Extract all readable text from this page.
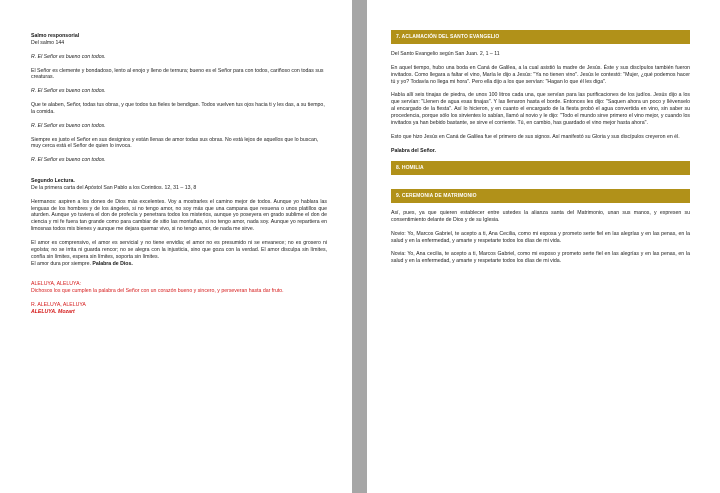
Salmo responsorial

Del salmo 144

R. El Señor es bueno con todos.

El Señor es clemente y bondadoso, lento al enojo y lleno de ternura; bueno es el Señor para con todos, cariñoso con todas sus creaturas.

R. El Señor es bueno con todos.

Que te alaben, Señor, todas tus obras, y que todos tus fieles te bendigan. Todos vuelven tus ojos hacia ti y les das, a su tiempo, la comida.

R. El Señor es bueno con todos.

Siempre es justo el Señor en sus designios y están llenas de amor todas sus obras. No está lejos de aquellos que lo buscan, muy cerca está el Señor de quien lo invoca.

R. El Señor es bueno con todos.

Segundo Lectura.

De la primera carta del Apóstol San Pablo a los Corintios. 12, 31 – 13, 8

Hermanos: aspiren a los dones de Dios más excelentes. Voy a mostrarles el camino mejor de todos. Aunque yo hablara las lenguas de los hombres y de los ángeles, si no tengo amor, no soy más que una campana que resuena o unos platillos que aturden. Aunque yo tuviera el don de profecía y penetrara todos los misterios, aunque yo poseyera en grado sublime el don de ciencia y mi fe fuera tan grande como para cambiar de sitio las montañas, si no tengo amor, nada soy. Aunque yo repartiera en limosnas todos mis bienes y aunque me dejara quemar vivo, si no tengo amor, de nada me sirve.

El amor es comprensivo, el amor es servicial y no tiene envidia; el amor no es presumido ni se envanece; no es grosero ni egoísta; no se irrita ni guarda rencor; no se alegra con la injusticia, sino que goza con la verdad. El amor disculpa sin límites, confía sin límites, espera sin límites, soporta sin límites.

El amor dura por siempre. Palabra de Dios.

ALELUYA, ALELUYA:

Dichosos los que cumplen la palabra del Señor con un corazón bueno y sincero, y perseveran hasta dar fruto.

R. ALELUYA, ALELUYA

ALELUYA. Mozart

7. ACLAMACIÓN DEL SANTO EVANGELIO

Del Santo Evangelio según San Juan. 2, 1 – 11

En aquel tiempo, hubo una boda en Caná de Galilea, a la cual asistió la madre de Jesús. Éste y sus discípulos también fueron invitados. Como llegara a faltar el vino, María le dijo a Jesús: "Ya no tienen vino". Jesús le contestó: "Mujer, ¿qué podemos hacer tú y yo? Todavía no llega mi hora". Pero ella dijo a los que servían: "Hagan lo que él les diga".

Había allí seis tinajas de piedra, de unos 100 litros cada una, que servían para las purificaciones de los judíos. Jesús dijo a los que servían: "Llenen de agua esas tinajas". Y las llenaron hasta el borde. Entonces les dijo: "Saquen ahora un poco y llévenselo al encargado de la fiesta". Así lo hicieron, y en cuanto el encargado de la fiesta probó el agua convertida en vino, sin saber su procedencia, porque sólo los sirvientes lo sabían, llamó al novio y le dijo: "Todo el mundo sirve primero el vino mejor, y cuando los invitados ya han bebido bastante, se sirve el corriente. Tú, en cambio, has guardado el vino mejor hasta ahora".

Esto que hizo Jesús en Caná de Galilea fue el primero de sus signos. Así manifestó su Gloria y sus discípulos creyeron en él.

Palabra del Señor.

8. HOMILIA
9. CEREMONIA DE MATRIMONIO

Así, pues, ya que quieren establecer entre ustedes la alianza santa del Matrimonio, unan sus manos, y expresen su consentimiento delante de Dios y de su Iglesia.

Novio: Yo, Marcos Gabriel, te acepto a ti, Ana Cecilia, como mi esposa y prometo serte fiel en las alegrías y en las penas, en la salud y en la enfermedad, y amarte y respetarte todos los días de mi vida.

Novia: Yo, Ana cecilia, te acepto a ti, Marcos Gabriel, como mi esposo y prometo serte fiel en las alegrías y en las penas, en la salud y en la enfermedad, y amarte y respetarte todos los días de mi vida.
